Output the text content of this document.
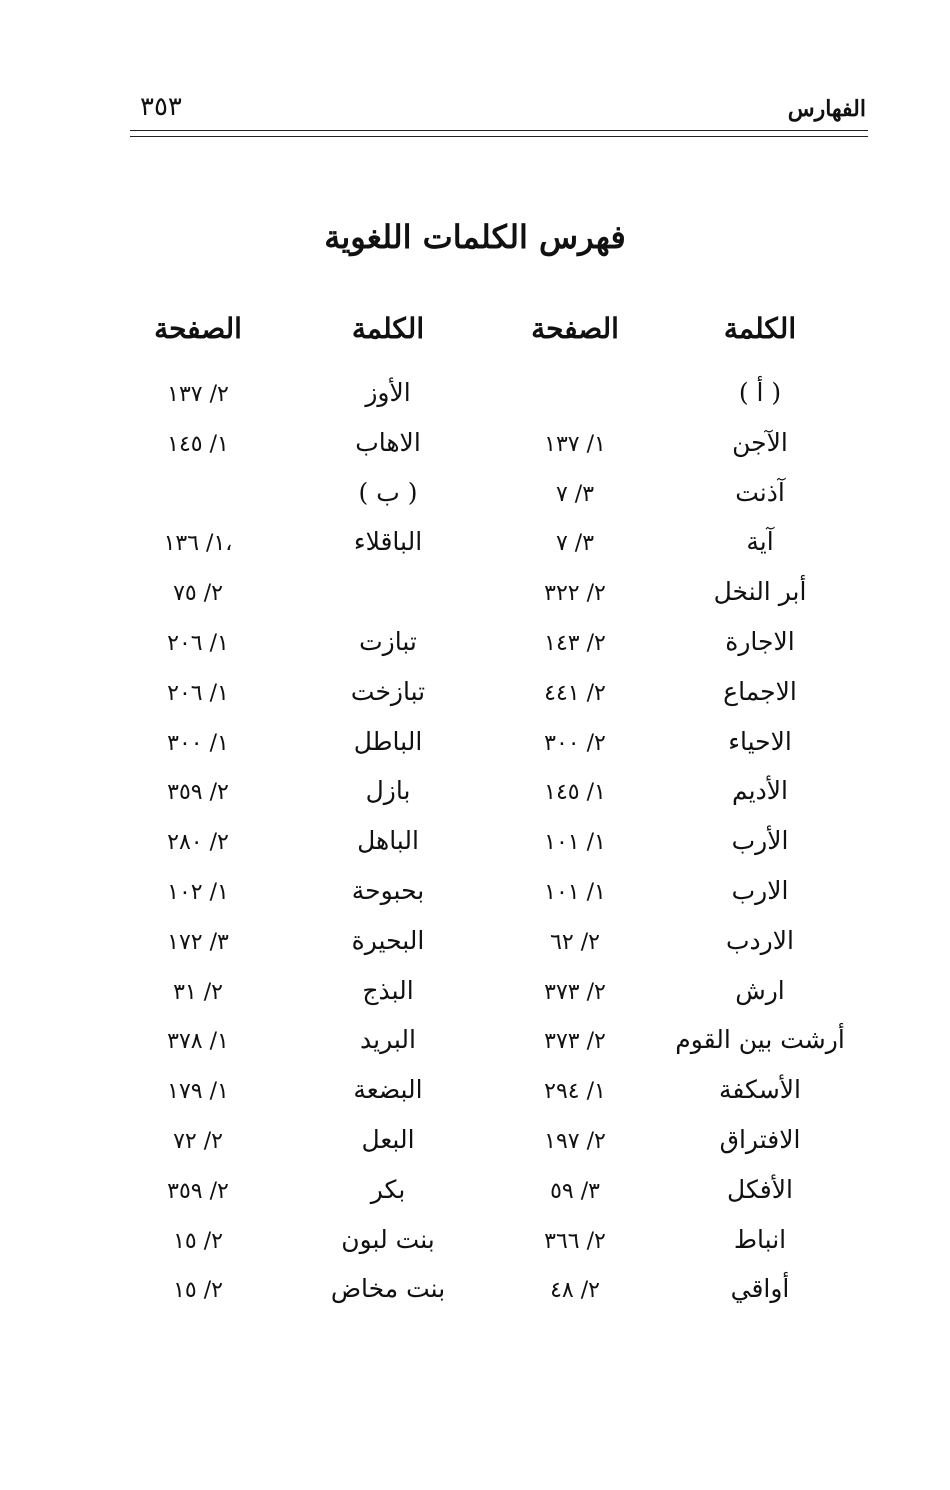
٣٥٣	الفهارس
فهرس الكلمات اللغوية
الكلمة
الصفحة
الكلمة
الصفحة
( أ )
الأوز
٢/ ١٣٧
الآجن
١/ ١٣٧
الاهاب
١/ ١٤٥
آذنت
٣/ ٧
( ب )
آية
٣/ ٧
الباقلاء
١/ ١٣٦،
أبر النخل
٢/ ٣٢٢
٢/ ٧٥
الاجارة
٢/ ١٤٣
تبازت
١/ ٢٠٦
الاجماع
٢/ ٤٤١
تبازخت
١/ ٢٠٦
الاحياء
٢/ ٣٠٠
الباطل
١/ ٣٠٠
الأديم
١/ ١٤٥
بازل
٢/ ٣٥٩
الأرب
١/ ١٠١
الباهل
٢/ ٢٨٠
الارب
١/ ١٠١
بحبوحة
١/ ١٠٢
الاردب
٢/ ٦٢
البحيرة
٣/ ١٧٢
ارش
٢/ ٣٧٣
البذج
٢/ ٣١
أرشت بين القوم
٢/ ٣٧٣
البريد
١/ ٣٧٨
الأسكفة
١/ ٢٩٤
البضعة
١/ ١٧٩
الافتراق
٢/ ١٩٧
البعل
٢/ ٧٢
الأفكل
٣/ ٥٩
بكر
٢/ ٣٥٩
انباط
٢/ ٣٦٦
بنت لبون
٢/ ١٥
أواقي
٢/ ٤٨
بنت مخاض
٢/ ١٥
